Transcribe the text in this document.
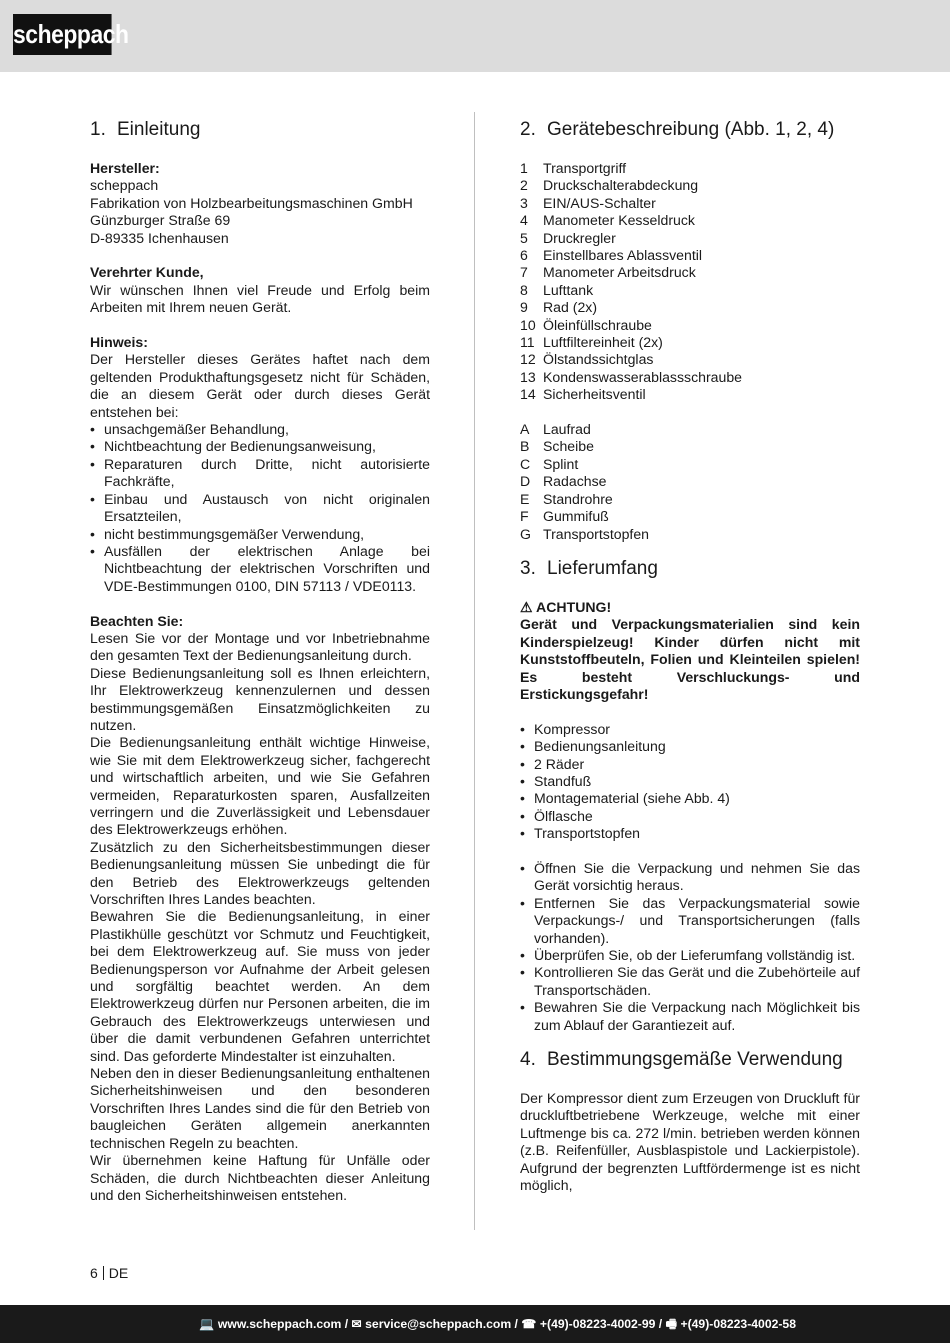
scheppach
1. Einleitung
Hersteller:
scheppach
Fabrikation von Holzbearbeitungsmaschinen GmbH
Günzburger Straße 69
D-89335 Ichenhausen
Verehrter Kunde,
Wir wünschen Ihnen viel Freude und Erfolg beim Arbeiten mit Ihrem neuen Gerät.
Hinweis:
Der Hersteller dieses Gerätes haftet nach dem geltenden Produkthaftungsgesetz nicht für Schäden, die an diesem Gerät oder durch dieses Gerät entstehen bei:
• unsachgemäßer Behandlung,
• Nichtbeachtung der Bedienungsanweisung,
• Reparaturen durch Dritte, nicht autorisierte Fachkräfte,
• Einbau und Austausch von nicht originalen Ersatzteilen,
• nicht bestimmungsgemäßer Verwendung,
• Ausfällen der elektrischen Anlage bei Nichtbeachtung der elektrischen Vorschriften und VDE-Bestimmungen 0100, DIN 57113 / VDE0113.
Beachten Sie:
Lesen Sie vor der Montage und vor Inbetriebnahme den gesamten Text der Bedienungsanleitung durch.
Diese Bedienungsanleitung soll es Ihnen erleichtern, Ihr Elektrowerkzeug kennenzulernen und dessen bestimmungsgemäßen Einsatzmöglichkeiten zu nutzen.
Die Bedienungsanleitung enthält wichtige Hinweise, wie Sie mit dem Elektrowerkzeug sicher, fachgerecht und wirtschaftlich arbeiten, und wie Sie Gefahren vermeiden, Reparaturkosten sparen, Ausfallzeiten verringern und die Zuverlässigkeit und Lebensdauer des Elektrowerkzeugs erhöhen.
Zusätzlich zu den Sicherheitsbestimmungen dieser Bedienungsanleitung müssen Sie unbedingt die für den Betrieb des Elektrowerkzeugs geltenden Vorschriften Ihres Landes beachten.
Bewahren Sie die Bedienungsanleitung, in einer Plastikhülle geschützt vor Schmutz und Feuchtigkeit, bei dem Elektrowerkzeug auf. Sie muss von jeder Bedienungsperson vor Aufnahme der Arbeit gelesen und sorgfältig beachtet werden. An dem Elektrowerkzeug dürfen nur Personen arbeiten, die im Gebrauch des Elektrowerkzeugs unterwiesen und über die damit verbundenen Gefahren unterrichtet sind. Das geforderte Mindestalter ist einzuhalten.
Neben den in dieser Bedienungsanleitung enthaltenen Sicherheitshinweisen und den besonderen Vorschriften Ihres Landes sind die für den Betrieb von baugleichen Geräten allgemein anerkannten technischen Regeln zu beachten.
Wir übernehmen keine Haftung für Unfälle oder Schäden, die durch Nichtbeachten dieser Anleitung und den Sicherheitshinweisen entstehen.
2. Gerätebeschreibung (Abb. 1, 2, 4)
1	Transportgriff
2	Druckschalterabdeckung
3	EIN/AUS-Schalter
4	Manometer Kesseldruck
5	Druckregler
6	Einstellbares Ablassventil
7	Manometer Arbeitsdruck
8	Lufttank
9	Rad (2x)
10 Öleinfüllschraube
11 Luftfiltereinheit (2x)
12 Ölstandssichtglas
13 Kondenswasserablassschraube
14 Sicherheitsventil
A Laufrad
B Scheibe
C Splint
D Radachse
E Standrohre
F	Gummifuß
G Transportstopfen
3. Lieferumfang
⚠ ACHTUNG!
Gerät und Verpackungsmaterialien sind kein Kinderspielzeug! Kinder dürfen nicht mit Kunststoffbeuteln, Folien und Kleinteilen spielen! Es besteht Verschluckungs- und Erstickungsgefahr!
• Kompressor
• Bedienungsanleitung
• 2 Räder
• Standfuß
• Montagematerial (siehe Abb. 4)
• Ölflasche
• Transportstopfen
• Öffnen Sie die Verpackung und nehmen Sie das Gerät vorsichtig heraus.
• Entfernen Sie das Verpackungsmaterial sowie Verpackungs-/ und Transportsicherungen (falls vorhanden).
• Überprüfen Sie, ob der Lieferumfang vollständig ist.
• Kontrollieren Sie das Gerät und die Zubehörteile auf Transportschäden.
• Bewahren Sie die Verpackung nach Möglichkeit bis zum Ablauf der Garantiezeit auf.
4. Bestimmungsgemäße Verwendung
Der Kompressor dient zum Erzeugen von Druckluft für druckluftbetriebene Werkzeuge, welche mit einer Luftmenge bis ca. 272 l/min. betrieben werden können (z.B. Reifenfüller, Ausblaspistole und Lackierpistole). Aufgrund der begrenzten Luftfördermenge ist es nicht möglich,
6 DE
💻 www.scheppach.com / ✉ service@scheppach.com / ☎ +(49)-08223-4002-99 / 🖷 +(49)-08223-4002-58
